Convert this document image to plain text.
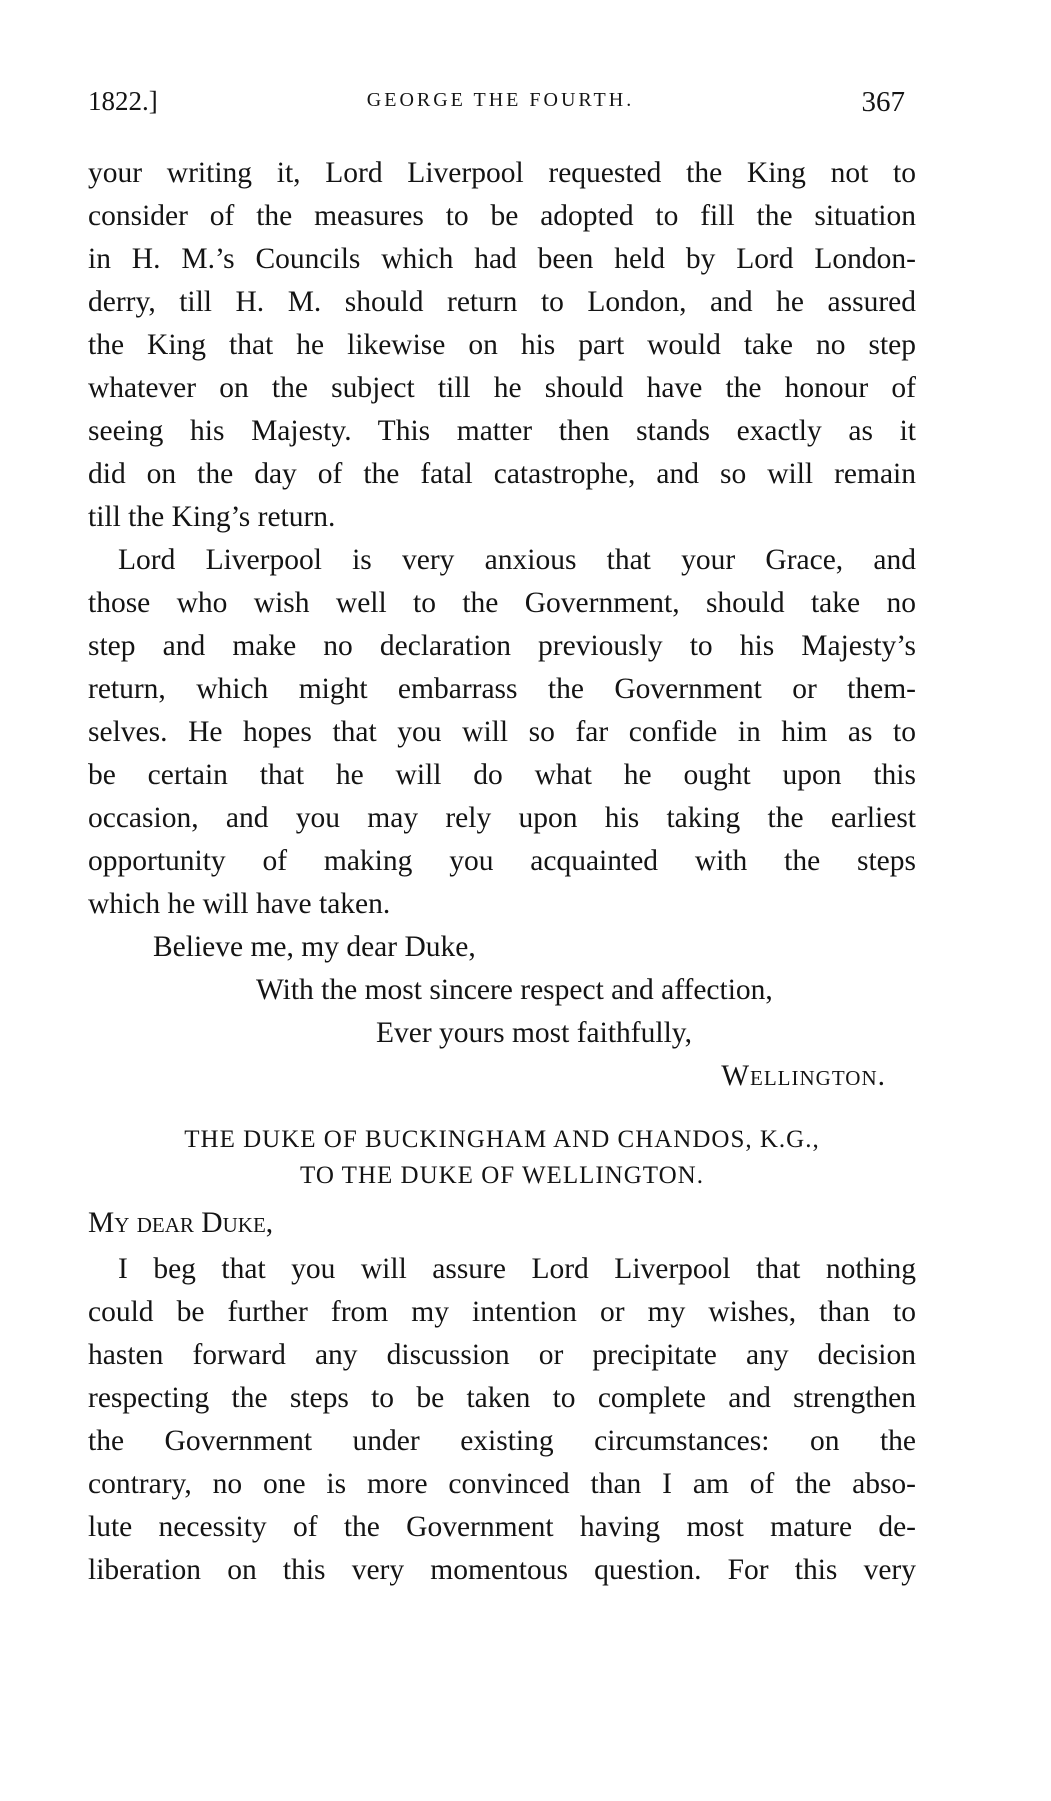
1822.]	GEORGE THE FOURTH.	367
your writing it, Lord Liverpool requested the King not to
consider of the measures to be adopted to fill the situation
in H. M.’s Councils which had been held by Lord London-
derry, till H. M. should return to London, and he assured
the King that he likewise on his part would take no step
whatever on the subject till he should have the honour of
seeing his Majesty. This matter then stands exactly as it
did on the day of the fatal catastrophe, and so will remain
till the King’s return.
Lord Liverpool is very anxious that your Grace, and
those who wish well to the Government, should take no
step and make no declaration previously to his Majesty’s
return, which might embarrass the Government or them-
selves. He hopes that you will so far confide in him as to
be certain that he will do what he ought upon this
occasion, and you may rely upon his taking the earliest
opportunity of making you acquainted with the steps
which he will have taken.
Believe me, my dear Duke,
With the most sincere respect and affection,
Ever yours most faithfully,
Wellington.
THE DUKE OF BUCKINGHAM AND CHANDOS, K.G.,
TO THE DUKE OF WELLINGTON.
My dear Duke,
I beg that you will assure Lord Liverpool that nothing
could be further from my intention or my wishes, than to
hasten forward any discussion or precipitate any decision
respecting the steps to be taken to complete and strengthen
the Government under existing circumstances: on the
contrary, no one is more convinced than I am of the abso-
lute necessity of the Government having most mature de-
liberation on this very momentous question. For this very
